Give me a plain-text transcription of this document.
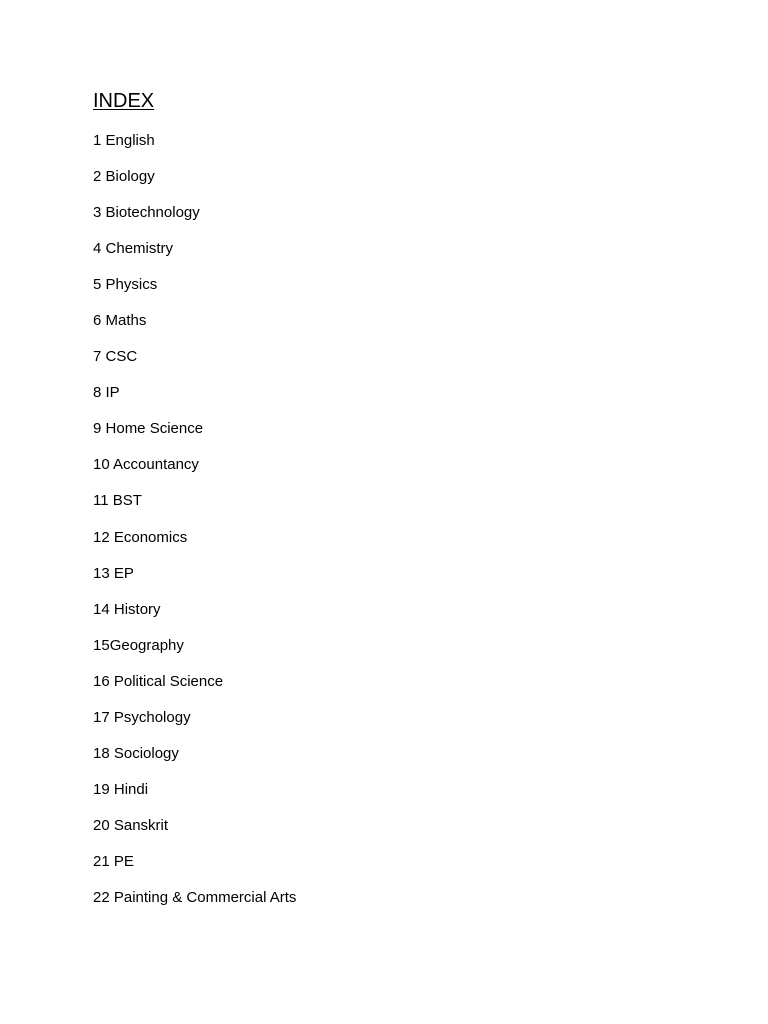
INDEX
1 English
2 Biology
3 Biotechnology
4 Chemistry
5 Physics
6 Maths
7 CSC
8 IP
9 Home Science
10 Accountancy
11 BST
12 Economics
13 EP
14 History
15Geography
16 Political Science
17 Psychology
18 Sociology
19 Hindi
20 Sanskrit
21 PE
22 Painting & Commercial Arts
